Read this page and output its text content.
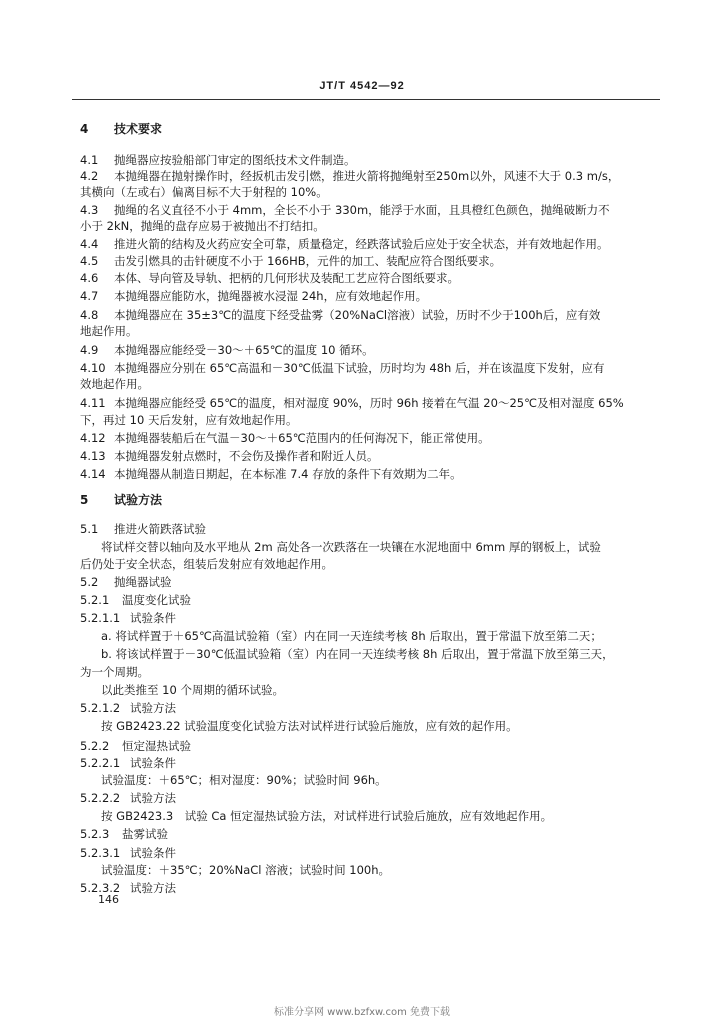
JT/T 4542—92
4 技术要求
4.1 抛绳器应按验船部门审定的图纸技术文件制造。
4.2 本抛绳器在抛射操作时，经扳机击发引燃，推进火箭将抛绳射至250m以外，风速不大于 0.3 m/s，
其横向（左或右）偏离目标不大于射程的 10%。
4.3 抛绳的名义直径不小于 4mm，全长不小于 330m，能浮于水面，且具橙红色颜色，抛绳破断力不
小于 2kN，抛绳的盘存应易于被抛出不打结扣。
4.4 推进火箭的结构及火药应安全可靠，质量稳定，经跌落试验后应处于安全状态，并有效地起作用。
4.5 击发引燃具的击针硬度不小于 166HB，元件的加工、装配应符合图纸要求。
4.6 本体、导向管及导轨、把柄的几何形状及装配工艺应符合图纸要求。
4.7 本抛绳器应能防水，抛绳器被水浸湿 24h，应有效地起作用。
4.8 本抛绳器应在 35±3℃的温度下经受盐雾（20%NaCl溶液）试验，历时不少于100h后，应有效
地起作用。
4.9 本抛绳器应能经受－30～＋65℃的温度 10 循环。
4.10 本抛绳器应分别在 65℃高温和－30℃低温下试验，历时均为 48h 后，并在该温度下发射，应有
效地起作用。
4.11 本抛绳器应能经受 65℃的温度，相对湿度 90%，历时 96h 接着在气温 20～25℃及相对湿度 65%
下，再过 10 天后发射，应有效地起作用。
4.12 本抛绳器装船后在气温－30～＋65℃范围内的任何海况下，能正常使用。
4.13 本抛绳器发射点燃时，不会伤及操作者和附近人员。
4.14 本抛绳器从制造日期起，在本标准 7.4 存放的条件下有效期为二年。
5 试验方法
5.1 推进火箭跌落试验
将试样交替以轴向及水平地从 2m 高处各一次跌落在一块镶在水泥地面中 6mm 厚的钢板上，试验
后仍处于安全状态，组装后发射应有效地起作用。
5.2 抛绳器试验
5.2.1 温度变化试验
5.2.1.1 试验条件
a. 将试样置于＋65℃高温试验箱（室）内在同一天连续考核 8h 后取出，置于常温下放至第二天；
b. 将该试样置于－30℃低温试验箱（室）内在同一天连续考核 8h 后取出，置于常温下放至第三天，
为一个周期。
以此类推至 10 个周期的循环试验。
5.2.1.2 试验方法
按 GB2423.22 试验温度变化试验方法对试样进行试验后施放，应有效的起作用。
5.2.2 恒定湿热试验
5.2.2.1 试验条件
试验温度：＋65℃；相对湿度：90%；试验时间 96h。
5.2.2.2 试验方法
按 GB2423.3　试验 Ca 恒定湿热试验方法，对试样进行试验后施放，应有效地起作用。
5.2.3 盐雾试验
5.2.3.1 试验条件
试验温度：＋35℃；20%NaCl 溶液；试验时间 100h。
5.2.3.2 试验方法
146
标准分享网 www.bzfxw.com 免费下载
